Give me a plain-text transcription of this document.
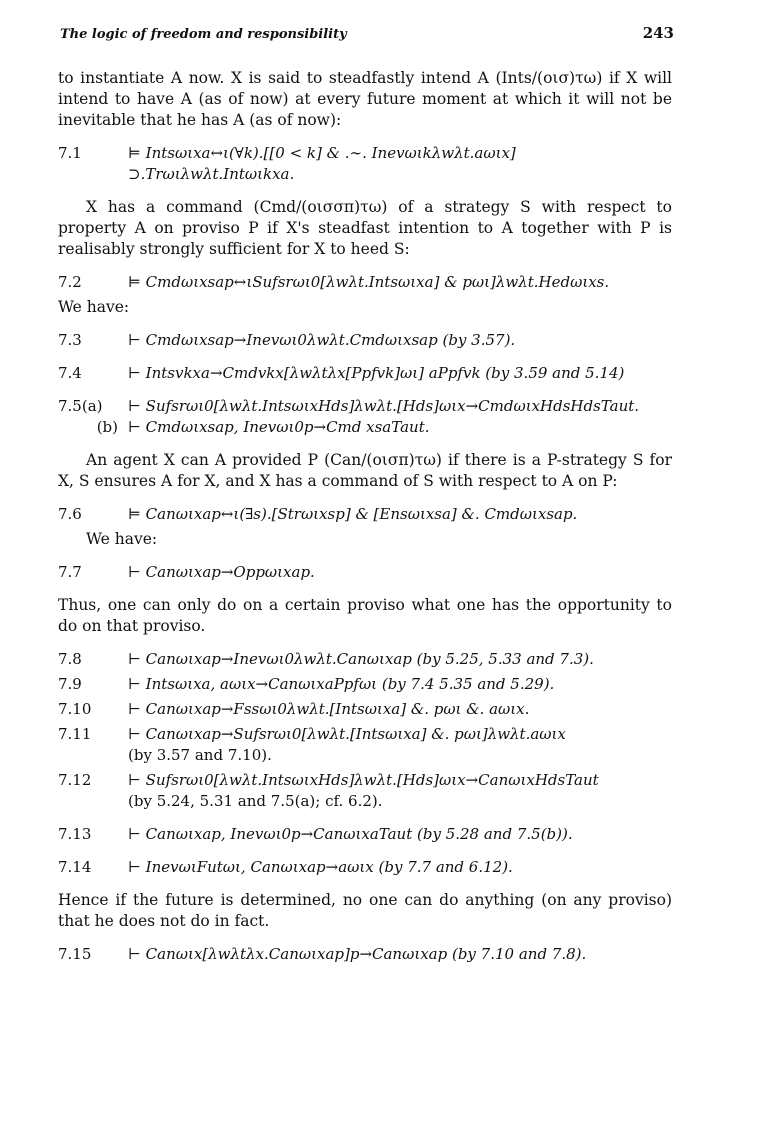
The logic of freedom and responsibility	243

to instantiate A now. X is said to steadfastly intend A (Ints/(οισ)τω) if X will intend to have A (as of now) at every future moment at which it will not be inevitable that he has A (as of now):

7.1	⊨ Intsωιxa↔ι(∀k).[[0 < k] & .∼. Inevωιkλwλt.aωιx]
⊃.Trωιλwλt.Intωιkxa.

X has a command (Cmd/(οισσπ)τω) of a strategy S with respect to property A on proviso P if X's steadfast intention to A together with P is realisably strongly sufficient for X to heed S:

7.2	⊨ Cmdωιxsap↔ιSufsrωι0[λwλt.Intsωιxa] & pωι]λwλt.Hedωιxs.

We have:

7.3	⊢ Cmdωιxsap→Inevωι0λwλt.Cmdωιxsap (by 3.57).
7.4	⊢ Intsvkxa→Cmdvkx[λwλtλx[Ppfvk]ωι] aPpfvk (by 3.59 and 5.14)
7.5(a)	⊢ Sufsrωι0[λwλt.IntsωιxHds]λwλt.[Hds]ωιx→CmdωιxHdsHdsTaut.
(b) ⊢ Cmdωιxsap, Inevωι0p→Cmd xsaTaut.

An agent X can A provided P (Can/(οισπ)τω) if there is a P-strategy S for X, S ensures A for X, and X has a command of S with respect to A on P:

7.6	⊨ Canωιxap↔ι(∃s).[Strωιxsp] & [Ensωιxsa] &. Cmdωιxsap.

We have:

7.7	⊢ Canωιxap→Oppωιxap.

Thus, one can only do on a certain proviso what one has the opportunity to do on that proviso.

7.8	⊢ Canωιxap→Inevωι0λwλt.Canωιxap (by 5.25, 5.33 and 7.3).
7.9	⊢ Intsωιxa, aωιx→CanωιxaPpfωι (by 7.4 5.35 and 5.29).
7.10	⊢ Canωιxap→Fssωι0λwλt.[Intsωιxa] &. pωι &. aωιx.
7.11	⊢ Canωιxap→Sufsrωι0[λwλt.[Intsωιxa] &. pωι]λwλt.aωιx
(by 3.57 and 7.10).
7.12	⊢ Sufsrωι0[λwλt.IntsωιxHds]λwλt.[Hds]ωιx→CanωιxHdsTaut
(by 5.24, 5.31 and 7.5(a); cf. 6.2).
7.13	⊢ Canωιxap, Inevωι0p→CanωιxaTaut (by 5.28 and 7.5(b)).
7.14	⊢ InevωιFutωι, Canωιxap→aωιx (by 7.7 and 6.12).

Hence if the future is determined, no one can do anything (on any proviso) that he does not do in fact.

7.15	⊢ Canωιx[λwλtλx.Canωιxap]p→Canωιxap (by 7.10 and 7.8).
